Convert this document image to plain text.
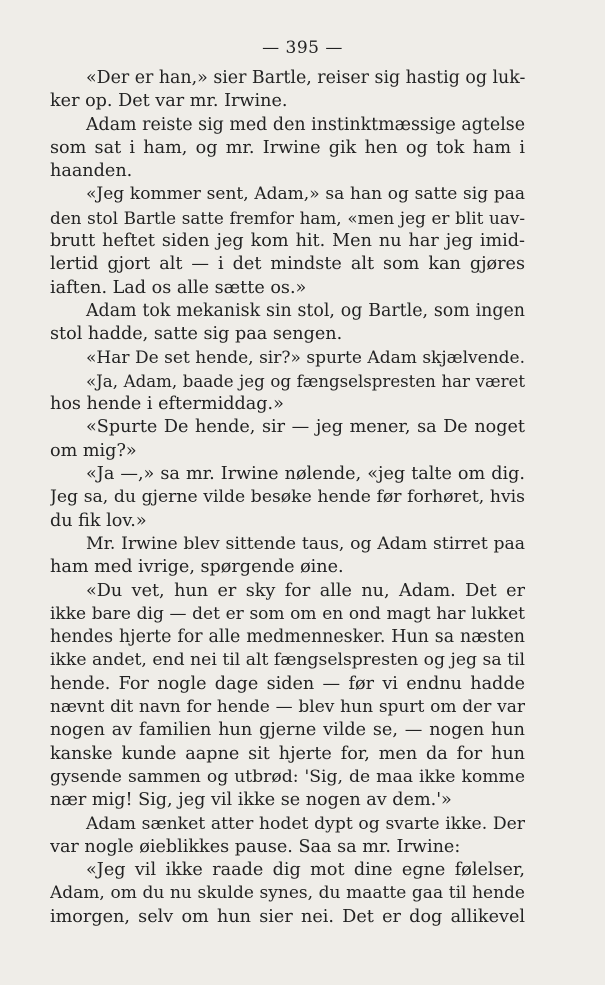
— 395 —
«Der er han,» sier Bartle, reiser sig hastig og luk-
ker op. Det var mr. Irwine.
Adam reiste sig med den instinktmæssige agtelse
som sat i ham, og mr. Irwine gik hen og tok ham i
haanden.
«Jeg kommer sent, Adam,» sa han og satte sig paa
den stol Bartle satte fremfor ham, «men jeg er blit uav-
brutt heftet siden jeg kom hit. Men nu har jeg imid-
lertid gjort alt — i det mindste alt som kan gjøres
iaften. Lad os alle sætte os.»
Adam tok mekanisk sin stol, og Bartle, som ingen
stol hadde, satte sig paa sengen.
«Har De set hende, sir?» spurte Adam skjælvende.
«Ja, Adam, baade jeg og fængselspresten har været
hos hende i eftermiddag.»
«Spurte De hende, sir — jeg mener, sa De noget
om mig?»
«Ja —,» sa mr. Irwine nølende, «jeg talte om dig.
Jeg sa, du gjerne vilde besøke hende før forhøret, hvis
du fik lov.»
Mr. Irwine blev sittende taus, og Adam stirret paa
ham med ivrige, spørgende øine.
«Du vet, hun er sky for alle nu, Adam. Det er
ikke bare dig — det er som om en ond magt har lukket
hendes hjerte for alle medmennesker. Hun sa næsten
ikke andet, end nei til alt fængselspresten og jeg sa til
hende. For nogle dage siden — før vi endnu hadde
nævnt dit navn for hende — blev hun spurt om der var
nogen av familien hun gjerne vilde se, — nogen hun
kanske kunde aapne sit hjerte for, men da for hun
gysende sammen og utbrød: 'Sig, de maa ikke komme
nær mig! Sig, jeg vil ikke se nogen av dem.'»
Adam sænket atter hodet dypt og svarte ikke. Der
var nogle øieblikkes pause. Saa sa mr. Irwine:
«Jeg vil ikke raade dig mot dine egne følelser,
Adam, om du nu skulde synes, du maatte gaa til hende
imorgen, selv om hun sier nei. Det er dog allikevel
